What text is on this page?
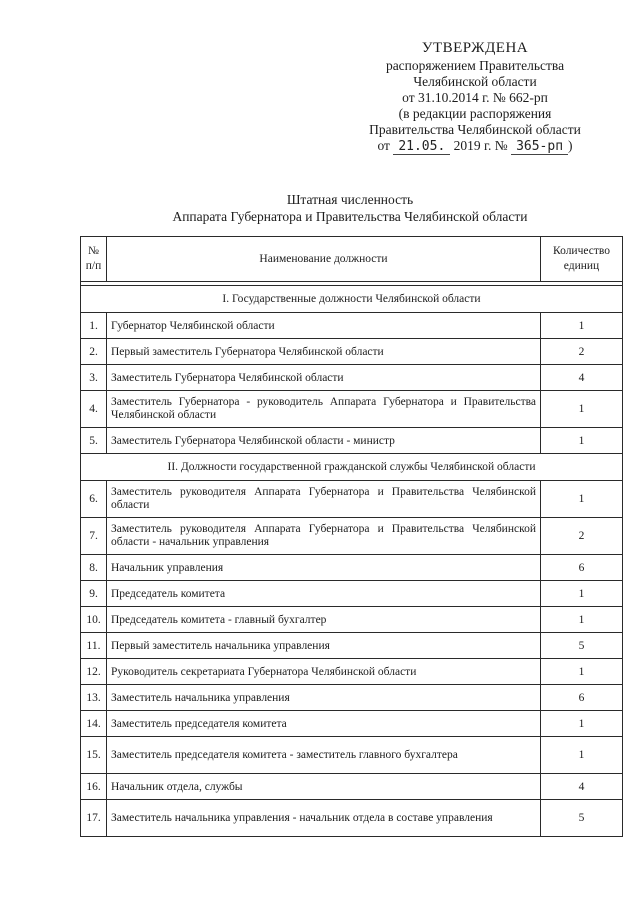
УТВЕРЖДЕНА
распоряжением Правительства
Челябинской области
от 31.10.2014 г. № 662-рп
(в редакции распоряжения
Правительства Челябинской области
от 21.05. 2019 г. № 365-рп )
Штатная численность
Аппарата Губернатора и Правительства Челябинской области
№ п/п	Наименование должности	Количество единиц

I. Государственные должности Челябинской области		
1.	Губернатор Челябинской области	1
2.	Первый заместитель Губернатора Челябинской области	2
3.	Заместитель Губернатора Челябинской области	4
4.	Заместитель Губернатора - руководитель Аппарата Губернатора и Правительства Челябинской области	1
5.	Заместитель Губернатора Челябинской области - министр	1
II. Должности государственной гражданской службы Челябинской области		
6.	Заместитель руководителя Аппарата Губернатора и Правительства Челябинской области	1
7.	Заместитель руководителя Аппарата Губернатора и Правительства Челябинской области - начальник управления	2
8.	Начальник управления	6
9.	Председатель комитета	1
10.	Председатель комитета - главный бухгалтер	1
11.	Первый заместитель начальника управления	5
12.	Руководитель секретариата Губернатора Челябинской области	1
13.	Заместитель начальника управления	6
14.	Заместитель председателя комитета	1
15.	Заместитель председателя комитета - заместитель главного бухгалтера	1
16.	Начальник отдела, службы	4
17.	Заместитель начальника управления - начальник отдела в составе управления	5
